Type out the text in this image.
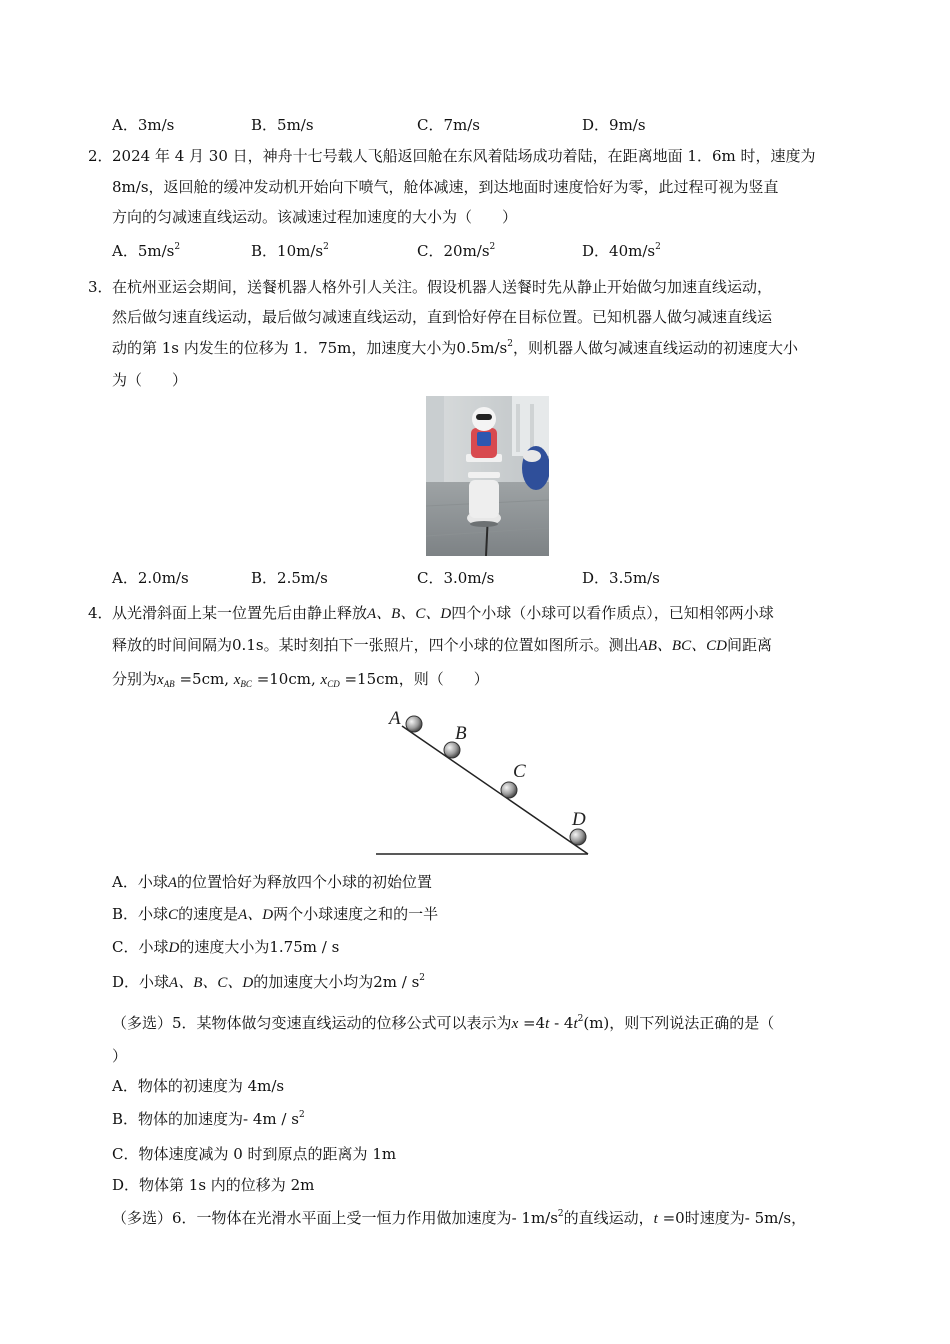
A．3m/s	B．5m/s	C．7m/s	D．9m/s
2． 2024 年 4 月 30 日，神舟十七号载人飞船返回舱在东风着陆场成功着陆，在距离地面 1．6m 时，速度为
8m/s，返回舱的缓冲发动机开始向下喷气，舱体减速，到达地面时速度恰好为零，此过程可视为竖直
方向的匀减速直线运动。该减速过程加速度的大小为（　　）
A．$5m/s^2$	B．$10m/s^2$	C．$20m/s^2$	D．$40m/s^2$
3． 在杭州亚运会期间，送餐机器人格外引人关注。假设机器人送餐时先从静止开始做匀加速直线运动，
然后做匀速直线运动，最后做匀减速直线运动，直到恰好停在目标位置。已知机器人做匀减速直线运
动的第 1s 内发生的位移为 1．75m，加速度大小为$0.5m/s^2$，则机器人做匀减速直线运动的初速度大小
为（　　）
A．2.0m/s	B．2.5m/s	C．3.0m/s	D．3.5m/s
4． 从光滑斜面上某一位置先后由静止释放A、B、C、D四个小球（小球可以看作质点），已知相邻两小球
释放的时间间隔为0.1s。某时刻拍下一张照片，四个小球的位置如图所示。测出AB、BC、CD间距离
分别为$x_{AB} =5cm$, $x_{BC} =10cm$, $x_{CD} =15cm$，则（　　）
A
B
C
D
A．小球A的位置恰好为释放四个小球的初始位置
B．小球C的速度是A、D两个小球速度之和的一半
C．小球D的速度大小为1.75m / s
D．小球A、B、C、D的加速度大小均为$2m / s^2$
（多选）5．某物体做匀变速直线运动的位移公式可以表示为$x =4t - 4t^2(m)$，则下列说法正确的是（
）
A．物体的初速度为 4m/s
B．物体的加速度为- $4m / s^2$
C．物体速度减为 0 时到原点的距离为 1m
D．物体第 1s 内的位移为 2m
（多选）6．一物体在光滑水平面上受一恒力作用做加速度为- $1m/s^2$的直线运动，t =0时速度为- 5m/s，
